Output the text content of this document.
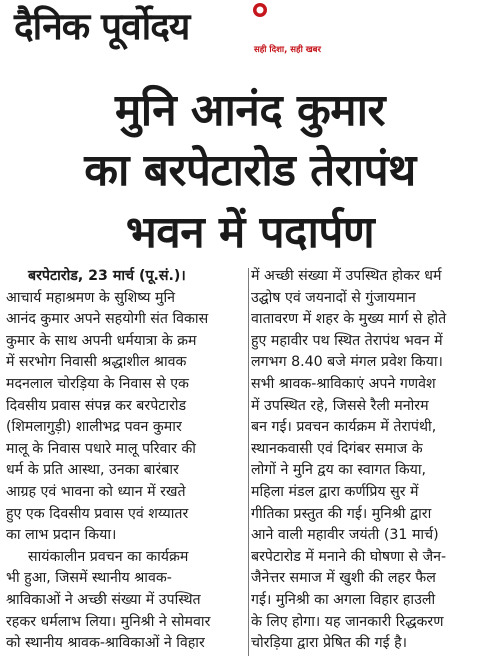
दैनिक पूर्वोदय
सही दिशा, सही खबर
मुनि आनंद कुमार
का बरपेटारोड तेरापंथ
भवन में पदार्पण
बरपेटारोड, 23 मार्च (पू.सं.)।
आचार्य महाश्रमण के सुशिष्य मुनि
आनंद कुमार अपने सहयोगी संत विकास
कुमार के साथ अपनी धर्मयात्रा के क्रम
में सरभोग निवासी श्रद्धाशील श्रावक
मदनलाल चोरड़िया के निवास से एक
दिवसीय प्रवास संपन्न कर बरपेटारोड
(शिमलागुड़ी) शालीभद्र पवन कुमार
मालू के निवास पधारे मालू परिवार की
धर्म के प्रति आस्था, उनका बारंबार
आग्रह एवं भावना को ध्यान में रखते
हुए एक दिवसीय प्रवास एवं शय्यातर
का लाभ प्रदान किया।
सायंकालीन प्रवचन का कार्यक्रम
भी हुआ, जिसमें स्थानीय श्रावक-
श्राविकाओं ने अच्छी संख्या में उपस्थित
रहकर धर्मलाभ लिया। मुनिश्री ने सोमवार
को स्थानीय श्रावक-श्राविकाओं ने विहार
में अच्छी संख्या में उपस्थित होकर धर्म
उद्घोष एवं जयनादों से गुंजायमान
वातावरण में शहर के मुख्य मार्ग से होते
हुए महावीर पथ स्थित तेरापंथ भवन में
लगभग 8.40 बजे मंगल प्रवेश किया।
सभी श्रावक-श्राविकाएं अपने गणवेश
में उपस्थित रहे, जिससे रैली मनोरम
बन गई। प्रवचन कार्यक्रम में तेरापंथी,
स्थानकवासी एवं दिगंबर समाज के
लोगों ने मुनि द्वय का स्वागत किया,
महिला मंडल द्वारा कर्णप्रिय सुर में
गीतिका प्रस्तुत की गई। मुनिश्री द्वारा
आने वाली महावीर जयंती (31 मार्च)
बरपेटारोड में मनाने की घोषणा से जैन-
जैनेत्तर समाज में खुशी की लहर फैल
गई। मुनिश्री का अगला विहार हाउली
के लिए होगा। यह जानकारी रिद्धकरण
चोरड़िया द्वारा प्रेषित की गई है।
